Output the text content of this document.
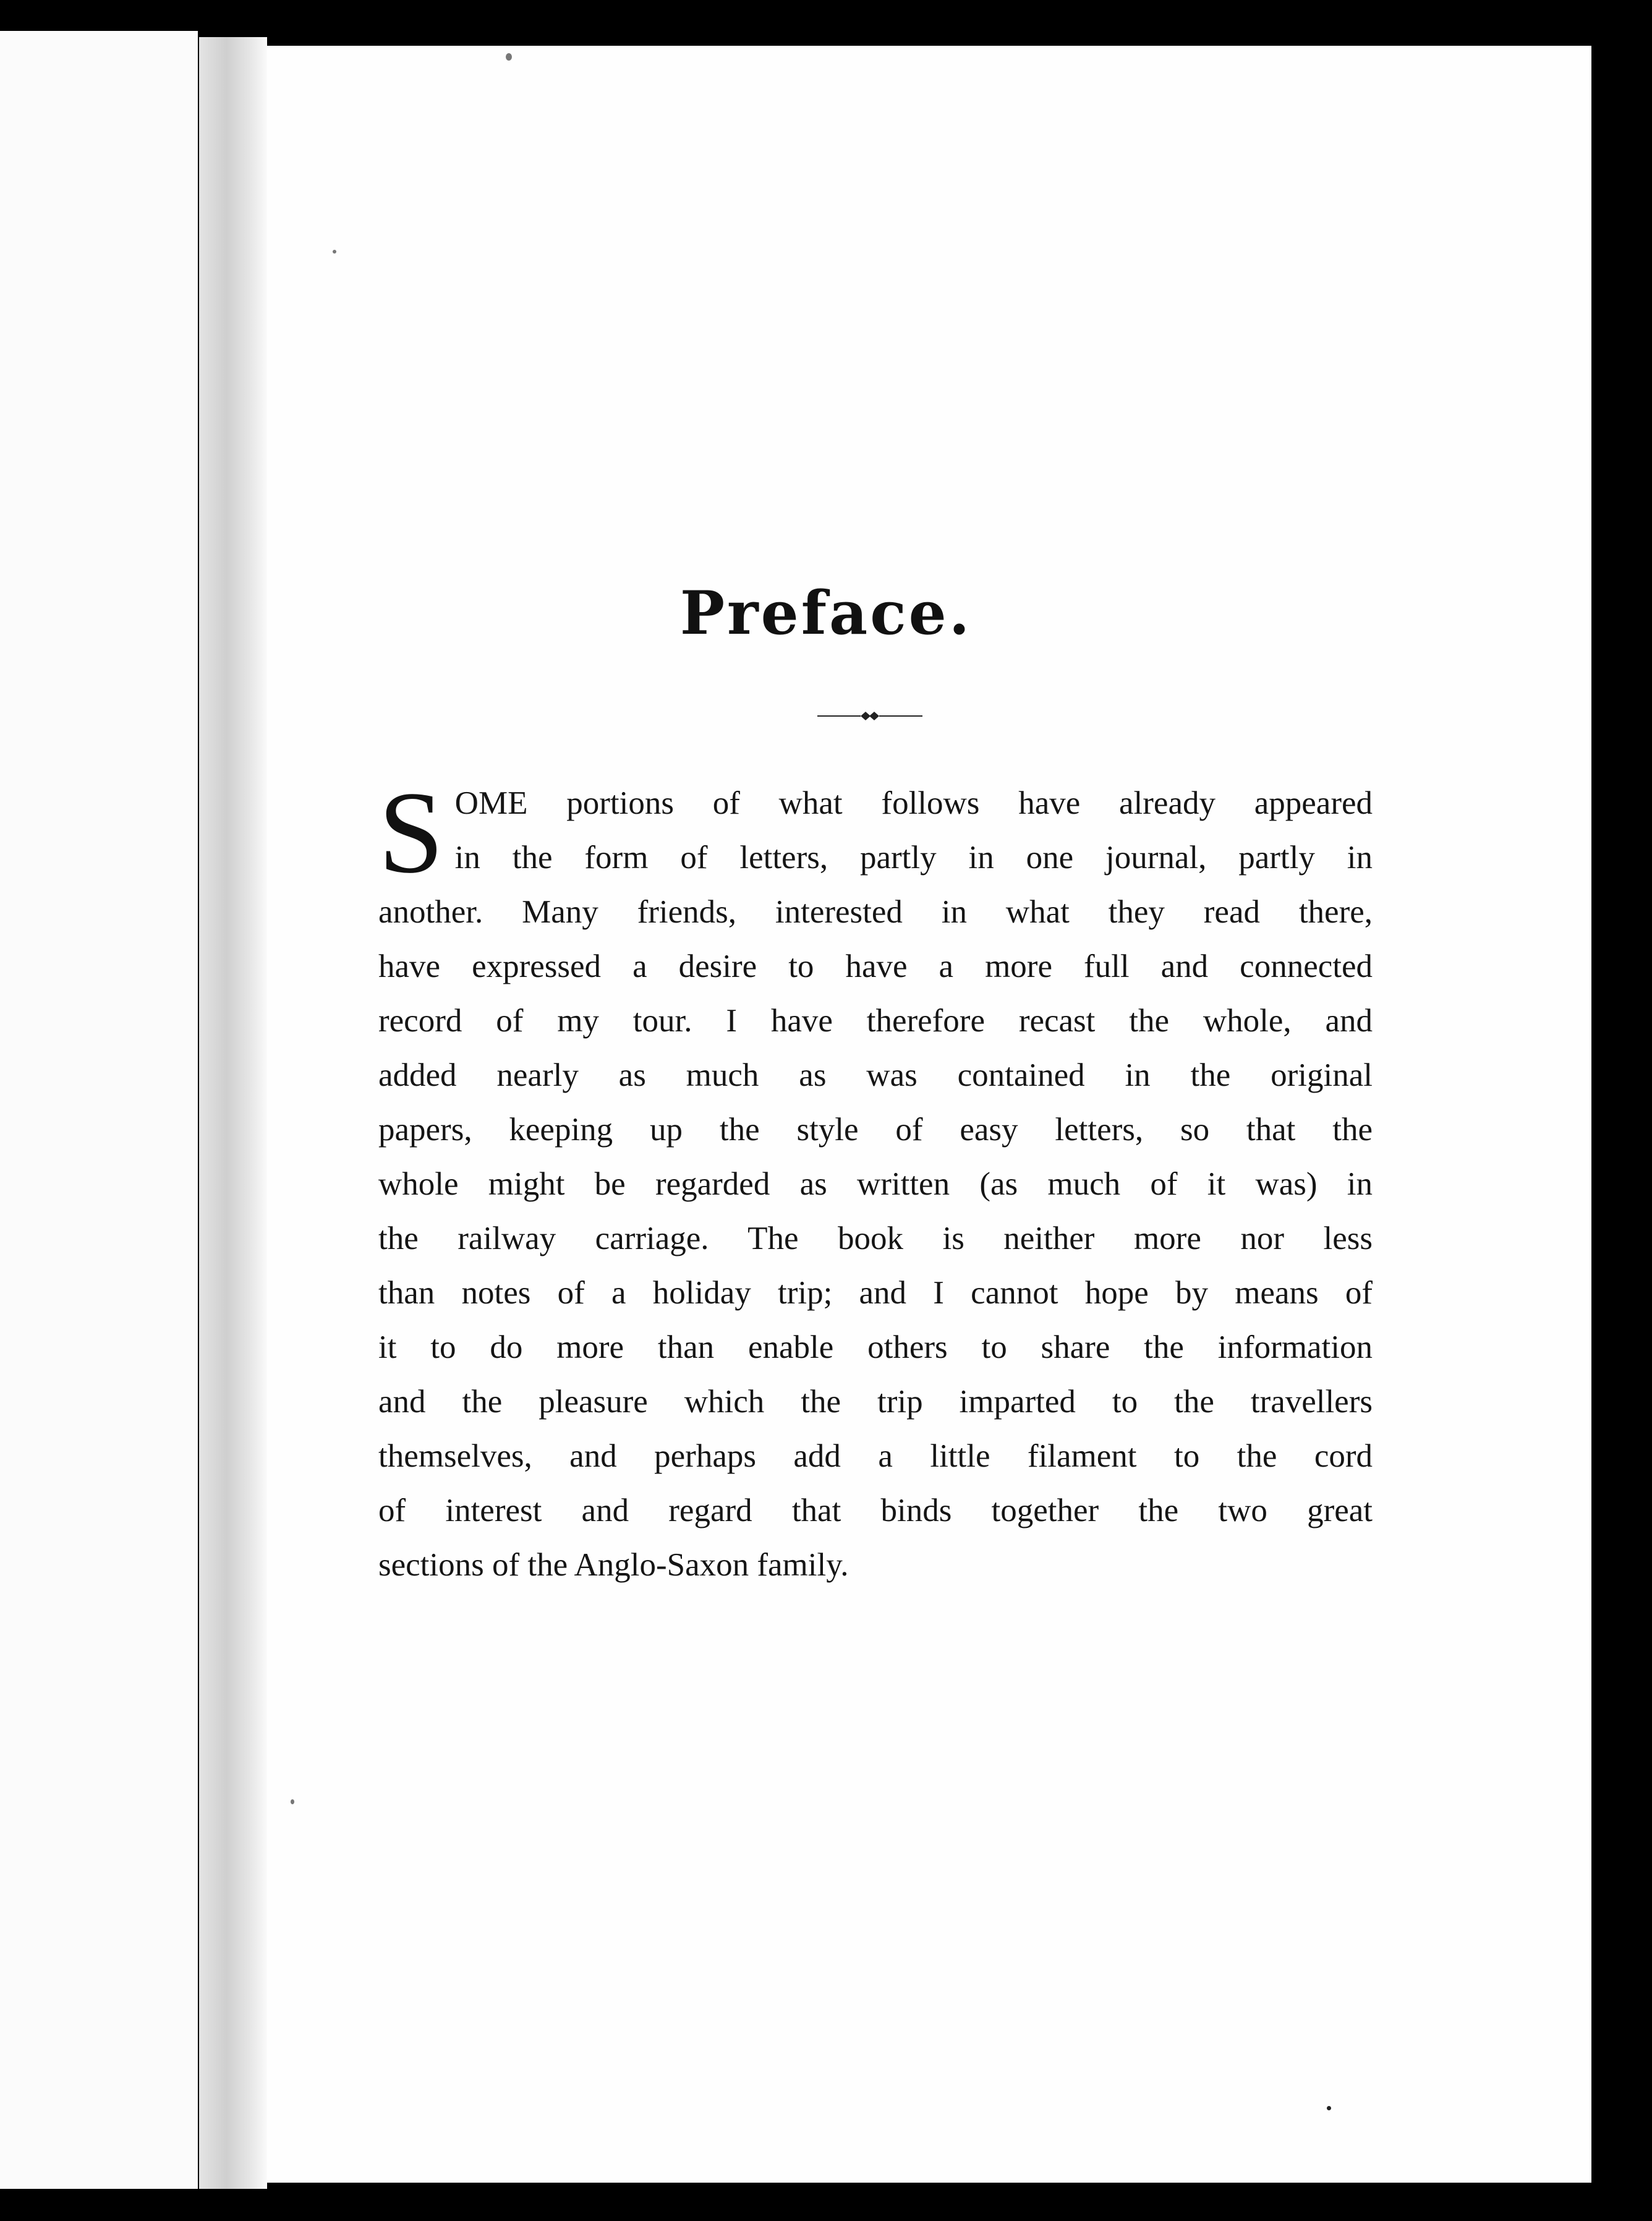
Preface.
S OME portions of what follows have already appeared
in the form of letters, partly in one journal, partly in
another. Many friends, interested in what they read there,
have expressed a desire to have a more full and connected
record of my tour. I have therefore recast the whole, and
added nearly as much as was contained in the original
papers, keeping up the style of easy letters, so that the
whole might be regarded as written (as much of it was) in
the railway carriage. The book is neither more nor less
than notes of a holiday trip; and I cannot hope by means of
it to do more than enable others to share the information
and the pleasure which the trip imparted to the travellers
themselves, and perhaps add a little filament to the cord
of interest and regard that binds together the two great
sections of the Anglo-Saxon family.
